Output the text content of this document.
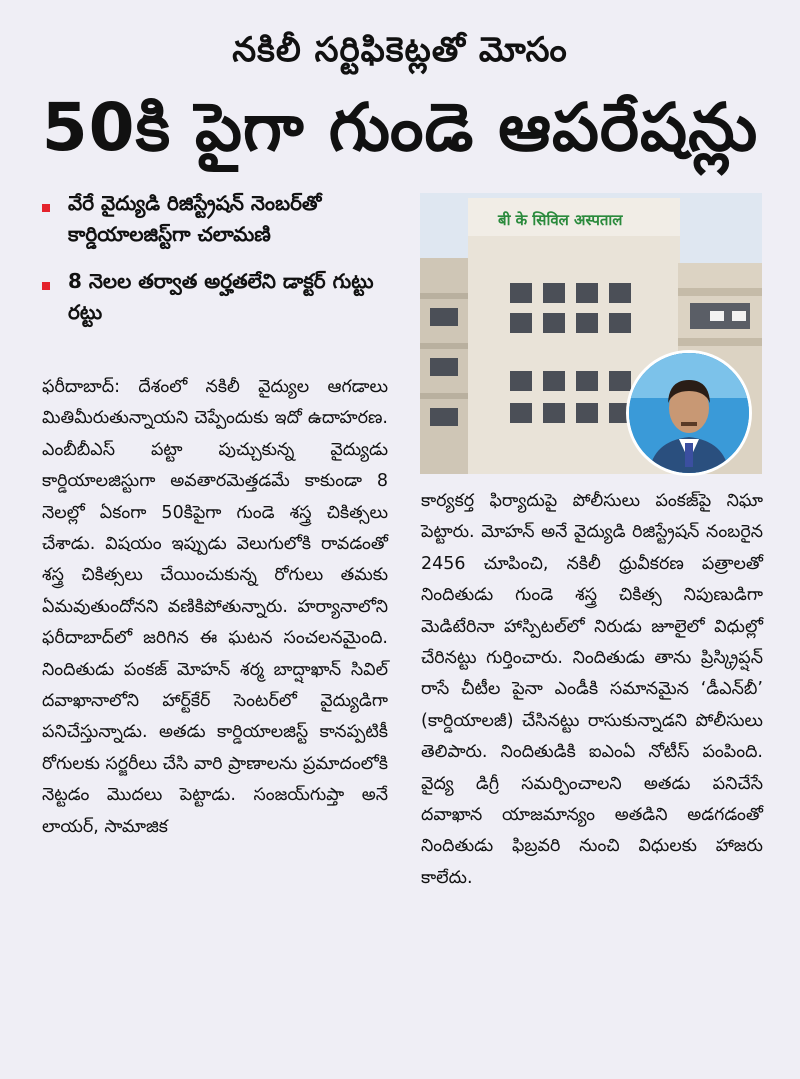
నకిలీ సర్టిఫికెట్లతో మోసం
50కి పైగా గుండె ఆపరేషన్లు
వేరే వైద్యుడి రిజిస్ట్రేషన్ నెంబర్‌తో కార్డియాలజిస్ట్‌గా చలామణి
8 నెలల తర్వాత అర్హతలేని డాక్టర్ గుట్టు రట్టు
बी के सिविल अस्पताल
ఫరీదాబాద్: దేశంలో నకిలీ వైద్యుల ఆగడాలు మితిమీరుతున్నాయని చెప్పేందుకు ఇదో ఉదాహరణ. ఎంబీబీఎస్ పట్టా పుచ్చుకున్న వైద్యుడు కార్డియాలజిస్టుగా అవతారమెత్తడమే కాకుండా 8 నెలల్లో ఏకంగా 50కిపైగా గుండె శస్త్ర చికిత్సలు చేశాడు. విషయం ఇప్పుడు వెలుగులోకి రావడంతో శస్త్ర చికిత్సలు చేయించుకున్న రోగులు తమకు ఏమవుతుందోనని వణికిపోతున్నారు. హర్యానాలోని ఫరీదాబాద్‌లో జరిగిన ఈ ఘటన సంచలనమైంది. నిందితుడు పంకజ్ మోహన్ శర్మ బాద్షాఖాన్ సివిల్ దవాఖానాలోని హార్ట్‌కేర్ సెంటర్‌లో వైద్యుడిగా పనిచేస్తున్నాడు. అతడు కార్డియాలజిస్ట్ కానప్పటికీ రోగులకు సర్జరీలు చేసి వారి ప్రాణాలను ప్రమాదంలోకి నెట్టడం మొదలు పెట్టాడు. సంజయ్‌గుప్తా అనే లాయర్, సామాజిక
కార్యకర్త ఫిర్యాదుపై పోలీసులు పంకజ్‌పై నిఘా పెట్టారు. మోహన్ అనే వైద్యుడి రిజిస్ట్రేషన్ నంబరైన 2456 చూపించి, నకిలీ ధ్రువీకరణ పత్రాలతో నిందితుడు గుండె శస్త్ర చికిత్స నిపుణుడిగా మెడిటేరినా హాస్పిటల్‌లో నిరుడు జూలైలో విధుల్లో చేరినట్టు గుర్తించారు. నిందితుడు తాను ప్రిస్క్రిప్షన్ రాసే చీటీల పైనా ఎండీకి సమానమైన ‘డీఎన్‌బీ’ (కార్డియాలజీ) చేసినట్టు రాసుకున్నాడని పోలీసులు తెలిపారు. నిందితుడికి ఐఎంఏ నోటీస్ పంపింది. వైద్య డిగ్రీ సమర్పించాలని అతడు పనిచేసే దవాఖాన యాజమాన్యం అతడిని అడగడంతో నిందితుడు ఫిబ్రవరి నుంచి విధులకు హాజరు కాలేదు.
